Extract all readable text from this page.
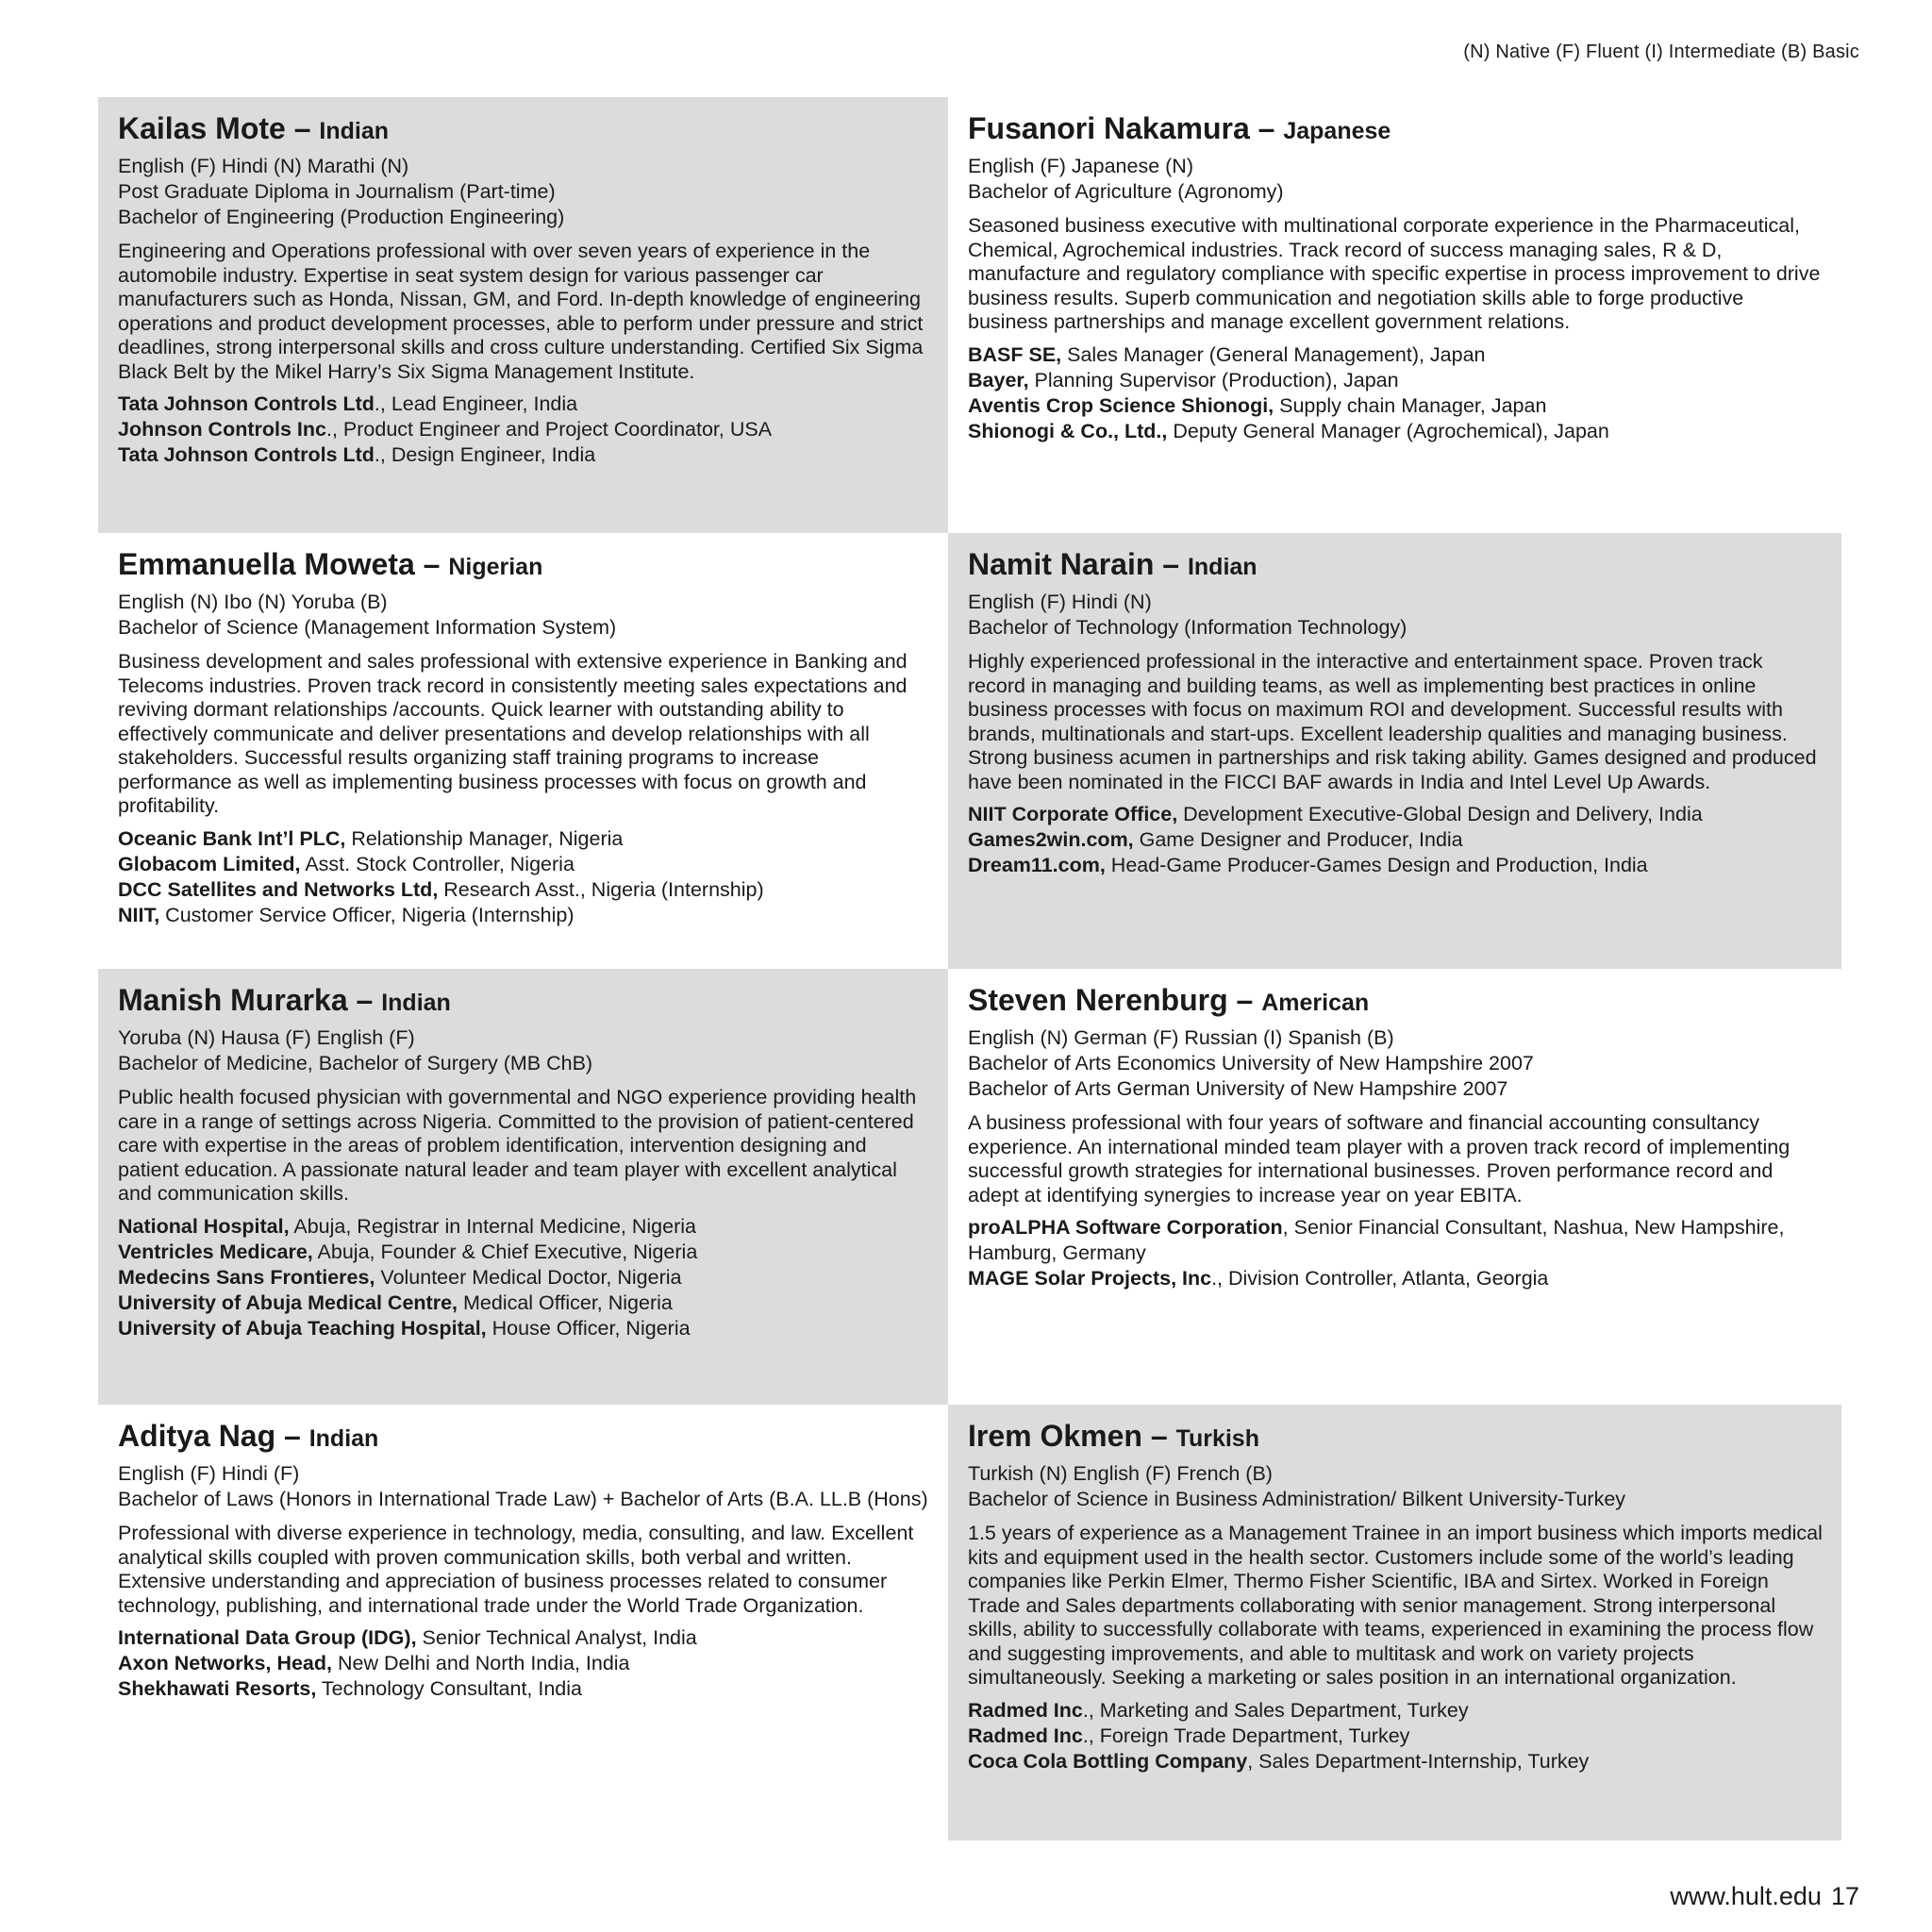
(N) Native (F) Fluent (I) Intermediate (B) Basic
Kailas Mote – Indian
English (F) Hindi (N) Marathi (N)
Post Graduate Diploma in Journalism (Part-time)
Bachelor of Engineering (Production Engineering)
Engineering and Operations professional with over seven years of experience in the automobile industry. Expertise in seat system design for various passenger car manufacturers such as Honda, Nissan, GM, and Ford. In-depth knowledge of engineering operations and product development processes, able to perform under pressure and strict deadlines, strong interpersonal skills and cross culture understanding. Certified Six Sigma Black Belt by the Mikel Harry’s Six Sigma Management Institute.
Tata Johnson Controls Ltd., Lead Engineer, India
Johnson Controls Inc., Product Engineer and Project Coordinator, USA
Tata Johnson Controls Ltd., Design Engineer, India
Fusanori Nakamura – Japanese
English (F) Japanese (N)
Bachelor of Agriculture (Agronomy)
Seasoned business executive with multinational corporate experience in the Pharmaceutical, Chemical, Agrochemical industries. Track record of success managing sales, R & D, manufacture and regulatory compliance with specific expertise in process improvement to drive business results. Superb communication and negotiation skills able to forge productive business partnerships and manage excellent government relations.
BASF SE, Sales Manager (General Management), Japan
Bayer, Planning Supervisor (Production), Japan
Aventis Crop Science Shionogi, Supply chain Manager, Japan
Shionogi & Co., Ltd., Deputy General Manager (Agrochemical), Japan
Emmanuella Moweta – Nigerian
English (N) Ibo (N) Yoruba (B)
Bachelor of Science (Management Information System)
Business development and sales professional with extensive experience in Banking and Telecoms industries. Proven track record in consistently meeting sales expectations and reviving dormant relationships /accounts. Quick learner with outstanding ability to effectively communicate and deliver presentations and develop relationships with all stakeholders. Successful results organizing staff training programs to increase performance as well as implementing business processes with focus on growth and profitability.
Oceanic Bank Int’l PLC, Relationship Manager, Nigeria
Globacom Limited, Asst. Stock Controller, Nigeria
DCC Satellites and Networks Ltd, Research Asst., Nigeria (Internship)
NIIT, Customer Service Officer, Nigeria (Internship)
Namit Narain – Indian
English (F) Hindi (N)
Bachelor of Technology (Information Technology)
Highly experienced professional in the interactive and entertainment space. Proven track record in managing and building teams, as well as implementing best practices in online business processes with focus on maximum ROI and development. Successful results with brands, multinationals and start-ups. Excellent leadership qualities and managing business. Strong business acumen in partnerships and risk taking ability. Games designed and produced have been nominated in the FICCI BAF awards in India and Intel Level Up Awards.
NIIT Corporate Office, Development Executive-Global Design and Delivery, India
Games2win.com, Game Designer and Producer, India
Dream11.com, Head-Game Producer-Games Design and Production, India
Manish Murarka – Indian
Yoruba (N) Hausa (F) English (F)
Bachelor of Medicine, Bachelor of Surgery (MB ChB)
Public health focused physician with governmental and NGO experience providing health care in a range of settings across Nigeria. Committed to the provision of patient-centered care with expertise in the areas of problem identification, intervention designing and patient education. A passionate natural leader and team player with excellent analytical and communication skills.
National Hospital, Abuja, Registrar in Internal Medicine, Nigeria
Ventricles Medicare, Abuja, Founder & Chief Executive, Nigeria
Medecins Sans Frontieres, Volunteer Medical Doctor, Nigeria
University of Abuja Medical Centre, Medical Officer, Nigeria
University of Abuja Teaching Hospital, House Officer, Nigeria
Steven Nerenburg – American
English (N) German (F) Russian (I) Spanish (B)
Bachelor of Arts Economics University of New Hampshire 2007
Bachelor of Arts German University of New Hampshire 2007
A business professional with four years of software and financial accounting consultancy experience. An international minded team player with a proven track record of implementing successful growth strategies for international businesses. Proven performance record and adept at identifying synergies to increase year on year EBITA.
proALPHA Software Corporation, Senior Financial Consultant, Nashua, New Hampshire, Hamburg, Germany
MAGE Solar Projects, Inc., Division Controller, Atlanta, Georgia
Aditya Nag – Indian
English (F) Hindi (F)
Bachelor of Laws (Honors in International Trade Law) + Bachelor of Arts (B.A. LL.B (Hons)
Professional with diverse experience in technology, media, consulting, and law. Excellent analytical skills coupled with proven communication skills, both verbal and written. Extensive understanding and appreciation of business processes related to consumer technology, publishing, and international trade under the World Trade Organization.
International Data Group (IDG), Senior Technical Analyst, India
Axon Networks, Head, New Delhi and North India, India
Shekhawati Resorts, Technology Consultant, India
Irem Okmen – Turkish
Turkish (N) English (F) French (B)
Bachelor of Science in Business Administration/ Bilkent University-Turkey
1.5 years of experience as a Management Trainee in an import business which imports medical kits and equipment used in the health sector. Customers include some of the world’s leading companies like Perkin Elmer, Thermo Fisher Scientific, IBA and Sirtex. Worked in Foreign Trade and Sales departments collaborating with senior management. Strong interpersonal skills, ability to successfully collaborate with teams, experienced in examining the process flow and suggesting improvements, and able to multitask and work on variety projects simultaneously. Seeking a marketing or sales position in an international organization.
Radmed Inc., Marketing and Sales Department, Turkey
Radmed Inc., Foreign Trade Department, Turkey
Coca Cola Bottling Company, Sales Department-Internship, Turkey
www.hult.edu 17
